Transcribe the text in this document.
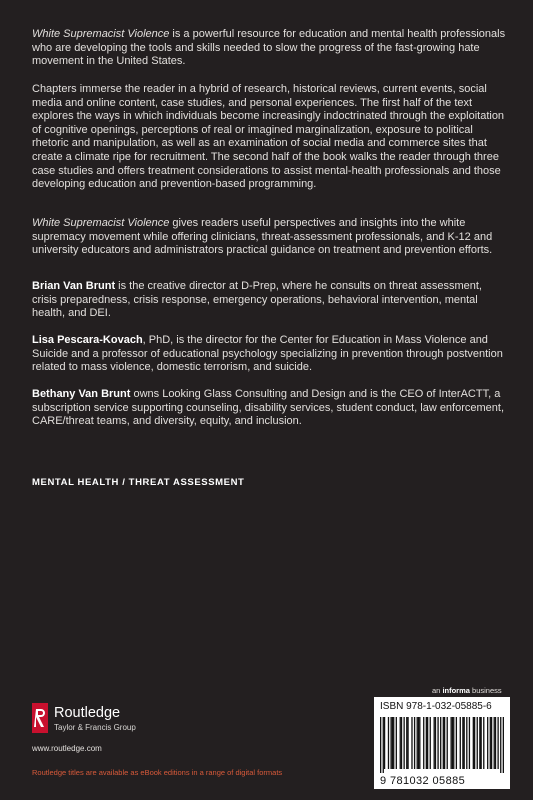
White Supremacist Violence is a powerful resource for education and mental health professionals who are developing the tools and skills needed to slow the progress of the fast-growing hate movement in the United States.

Chapters immerse the reader in a hybrid of research, historical reviews, current events, social media and online content, case studies, and personal experiences. The first half of the text explores the ways in which individuals become increasingly indoctrinated through the exploitation of cognitive openings, perceptions of real or imagined marginalization, exposure to political rhetoric and manipulation, as well as an examination of social media and commerce sites that create a climate ripe for recruitment. The second half of the book walks the reader through three case studies and offers treatment considerations to assist mental-health professionals and those developing education and prevention-based programming.

White Supremacist Violence gives readers useful perspectives and insights into the white supremacy movement while offering clinicians, threat-assessment professionals, and K-12 and university educators and administrators practical guidance on treatment and prevention efforts.

Brian Van Brunt is the creative director at D-Prep, where he consults on threat assessment, crisis preparedness, crisis response, emergency operations, behavioral intervention, mental health, and DEI.

Lisa Pescara-Kovach, PhD, is the director for the Center for Education in Mass Violence and Suicide and a professor of educational psychology specializing in prevention through postvention related to mass violence, domestic terrorism, and suicide.

Bethany Van Brunt owns Looking Glass Consulting and Design and is the CEO of InterACTT, a subscription service supporting counseling, disability services, student conduct, law enforcement, CARE/threat teams, and diversity, equity, and inclusion.

MENTAL HEALTH / THREAT ASSESSMENT
an informa business
Routledge
Taylor & Francis Group
www.routledge.com
Routledge titles are available as eBook editions in a range of digital formats
ISBN 978-1-032-05885-6
9 781032 05885
